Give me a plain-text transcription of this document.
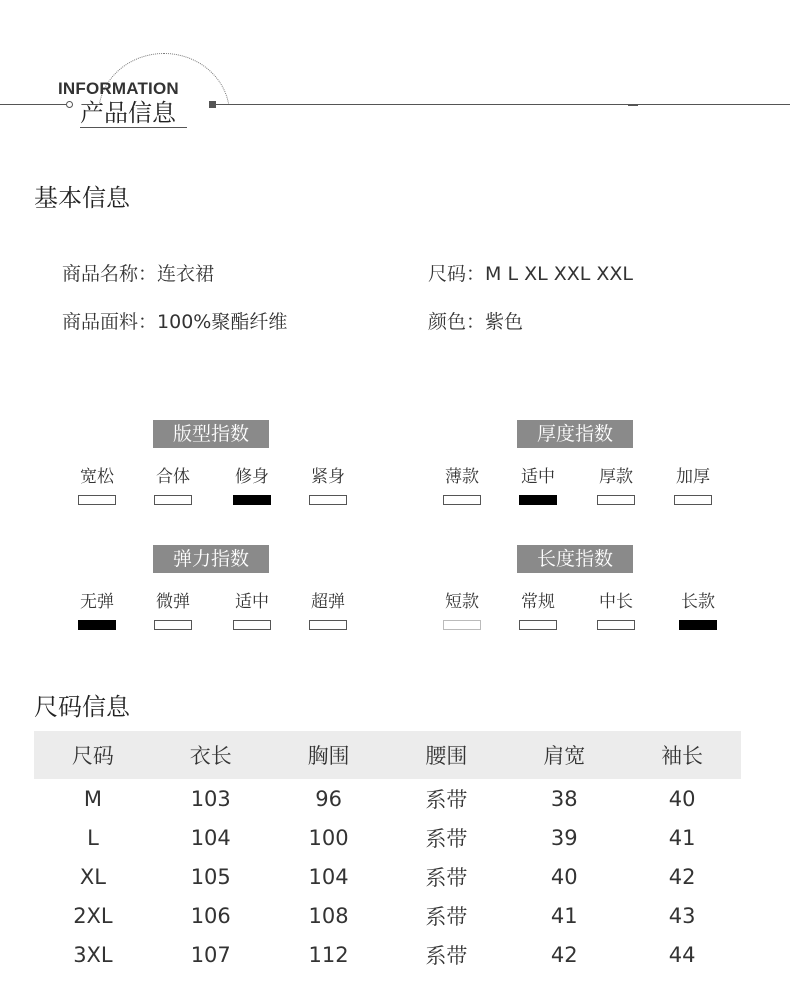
INFORMATION
产品信息
基本信息
商品名称：连衣裙	尺码：M L XL XXL XXL
商品面料：100%聚酯纤维	颜色：紫色
版型指数
宽松	合体	修身	紧身
厚度指数
薄款	适中	厚款	加厚
弹力指数
无弹	微弹	适中	超弹
长度指数
短款	常规	中长	长款
尺码信息
尺码	衣长	胸围	腰围	肩宽	袖长
M	103	96	系带	38	40
L	104	100	系带	39	41
XL	105	104	系带	40	42
2XL	106	108	系带	41	43
3XL	107	112	系带	42	44
